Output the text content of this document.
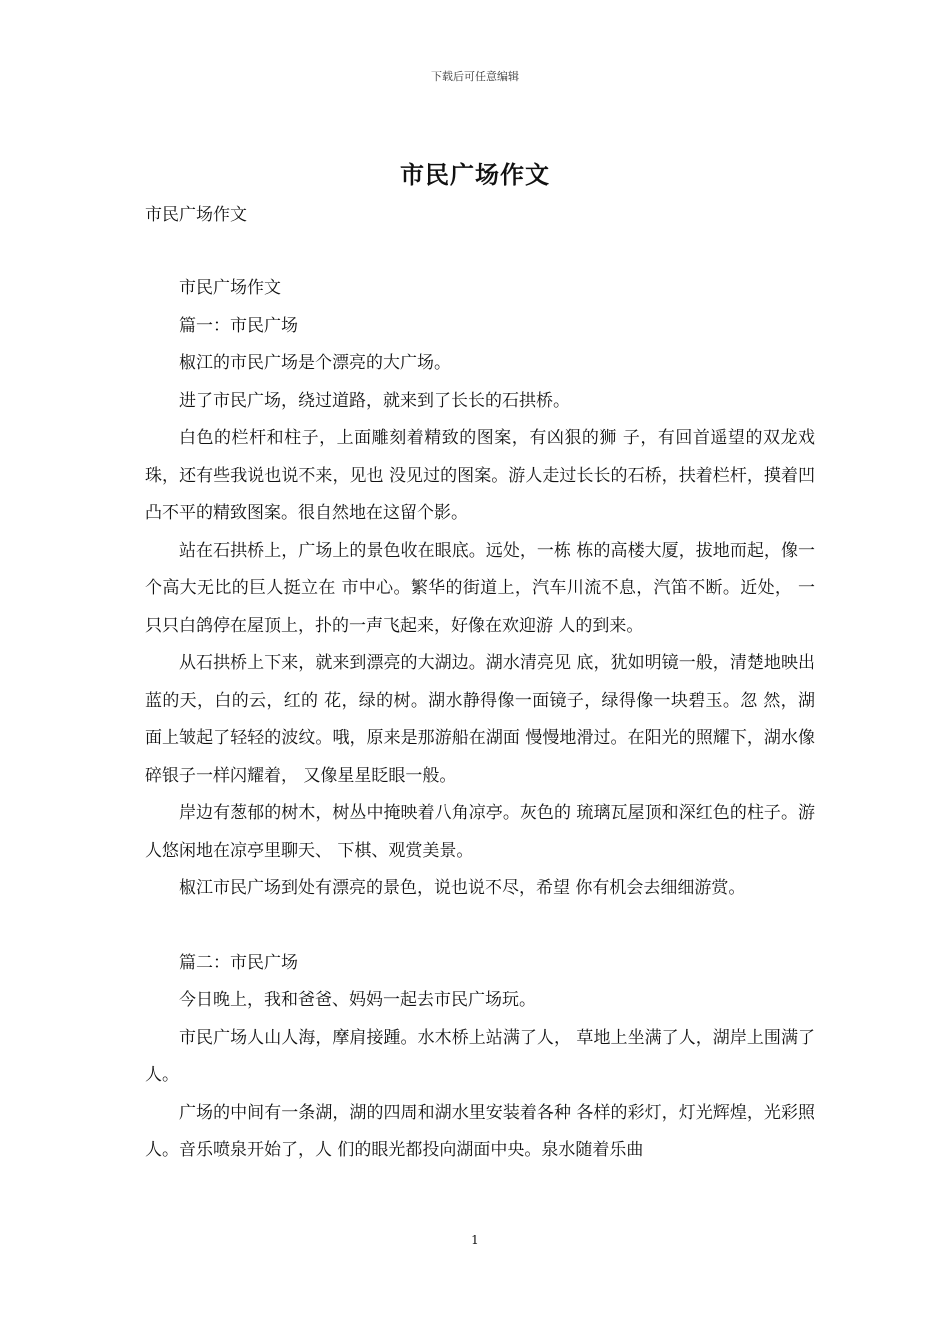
下载后可任意编辑
市民广场作文
市民广场作文

市民广场作文

篇一：市民广场

椒江的市民广场是个漂亮的大广场。

进了市民广场，绕过道路，就来到了长长的石拱桥。

白色的栏杆和柱子，上面雕刻着精致的图案，有凶狠的狮 子，有回首遥望的双龙戏珠，还有些我说也说不来，见也 没见过的图案。游人走过长长的石桥，扶着栏杆，摸着凹 凸不平的精致图案。很自然地在这留个影。

站在石拱桥上，广场上的景色收在眼底。远处，一栋 栋的高楼大厦，拔地而起，像一个高大无比的巨人挺立在 市中心。繁华的街道上，汽车川流不息，汽笛不断。近处， 一只只白鸽停在屋顶上，扑的一声飞起来，好像在欢迎游 人的到来。

从石拱桥上下来，就来到漂亮的大湖边。湖水清亮见 底，犹如明镜一般，清楚地映出蓝的天，白的云，红的 花，绿的树。湖水静得像一面镜子，绿得像一块碧玉。忽 然，湖面上皱起了轻轻的波纹。哦，原来是那游船在湖面 慢慢地滑过。在阳光的照耀下，湖水像碎银子一样闪耀着， 又像星星眨眼一般。

岸边有葱郁的树木，树丛中掩映着八角凉亭。灰色的 琉璃瓦屋顶和深红色的柱子。游人悠闲地在凉亭里聊天、 下棋、观赏美景。

椒江市民广场到处有漂亮的景色，说也说不尽，希望 你有机会去细细游赏。

篇二：市民广场

今日晚上，我和爸爸、妈妈一起去市民广场玩。

市民广场人山人海，摩肩接踵。水木桥上站满了人， 草地上坐满了人，湖岸上围满了人。

广场的中间有一条湖，湖的四周和湖水里安装着各种 各样的彩灯，灯光辉煌，光彩照人。音乐喷泉开始了，人 们的眼光都投向湖面中央。泉水随着乐曲

1
